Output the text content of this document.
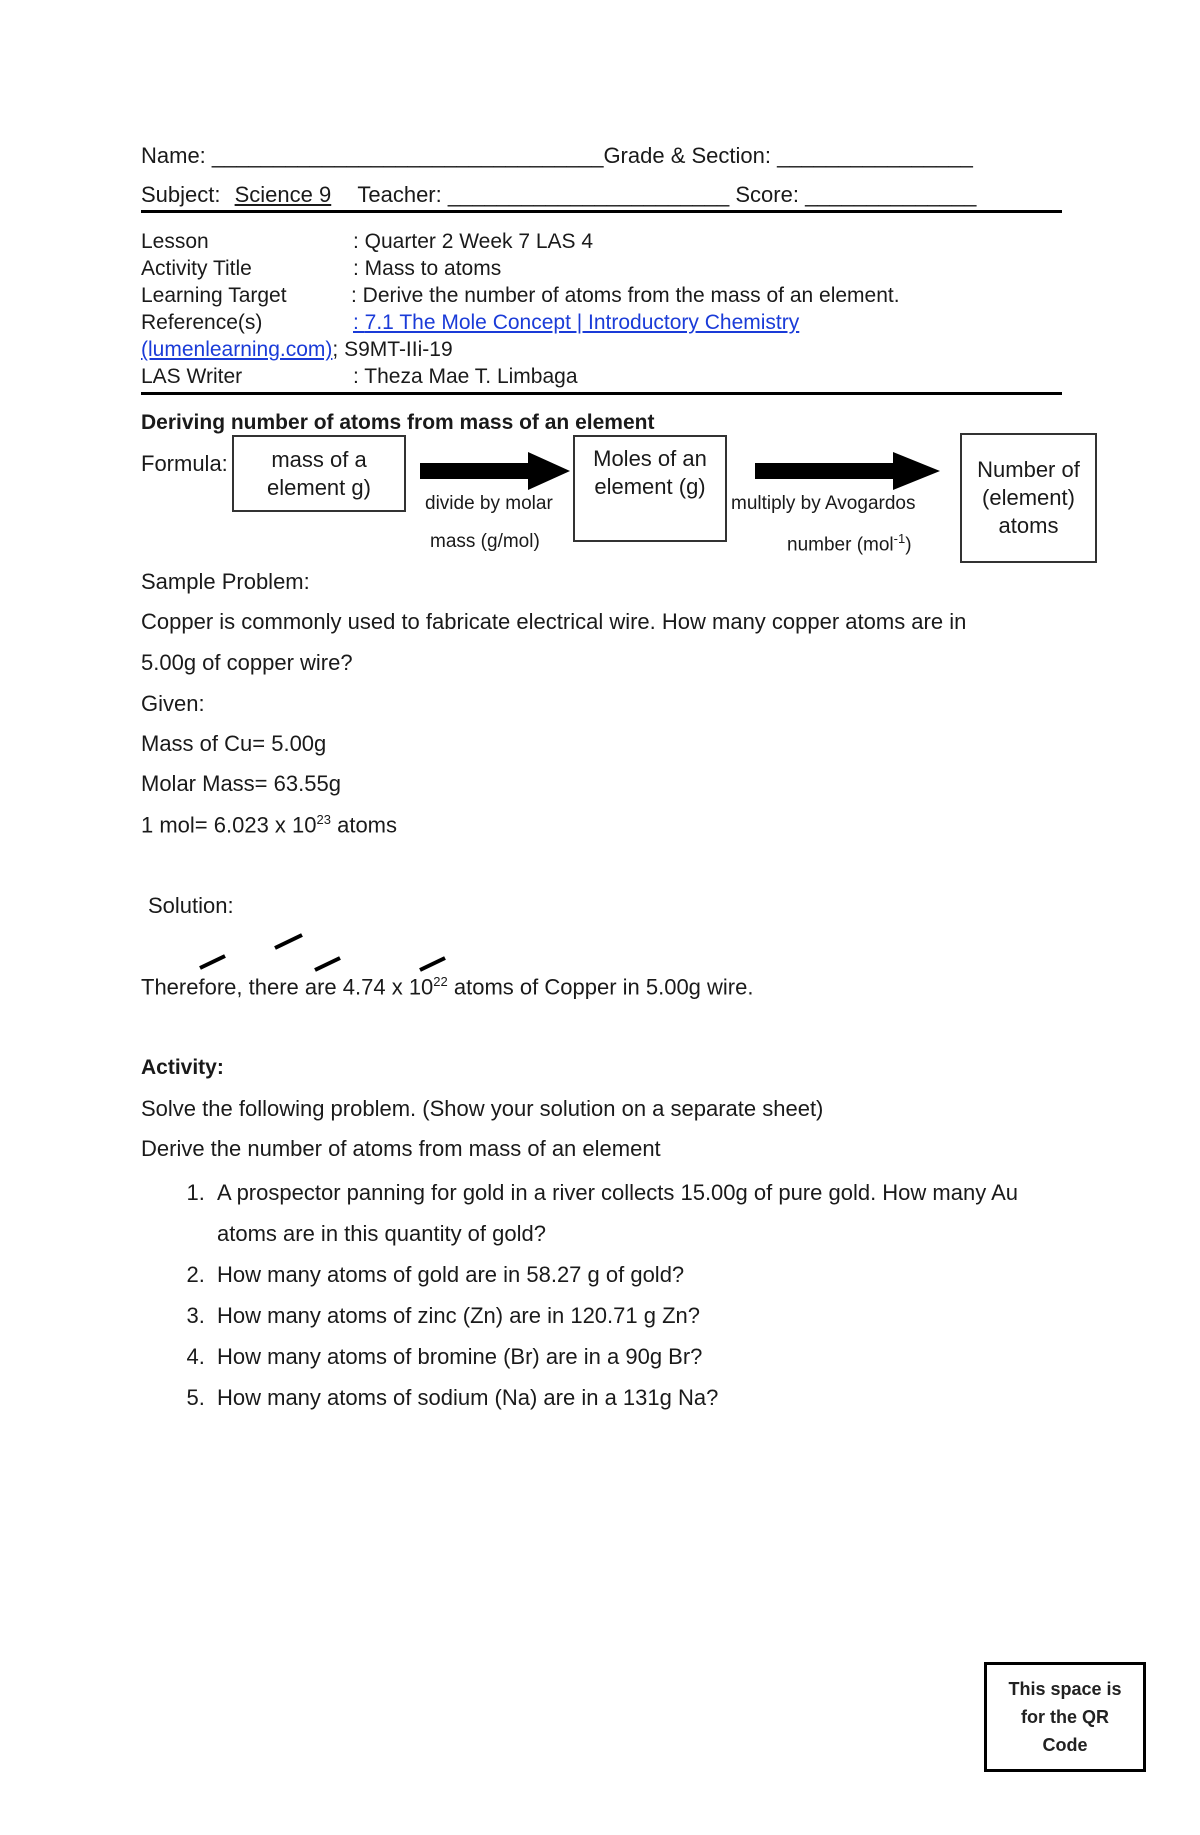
Name: ________________________________Grade & Section: ________________
Subject: Science 9 Teacher: _______________________ Score: ______________
Lesson	: Quarter 2 Week 7 LAS 4
Activity Title	: Mass to atoms
Learning Target	: Derive the number of atoms from the mass of an element.
Reference(s)	: 7.1 The Mole Concept | Introductory Chemistry
(lumenlearning.com); S9MT-IIi-19
LAS Writer	: Theza Mae T. Limbaga
Deriving number of atoms from mass of an element
Formula:	mass of a element g)
divide by molar
mass (g/mol)
Moles of an element (g)
multiply by Avogardos
number (mol$^{-1}$)
Number of (element) atoms
Sample Problem:
Copper is commonly used to fabricate electrical wire. How many copper atoms are in
5.00g of copper wire?
Given:
Mass of Cu= 5.00g
Molar Mass= 63.55g
1 mol= 6.023 x $10^{23}$ atoms
Solution:
Therefore, there are 4.74 x $10^{22}$ atoms of Copper in 5.00g wire.
Activity:
Solve the following problem. (Show your solution on a separate sheet)
Derive the number of atoms from mass of an element
1. A prospector panning for gold in a river collects 15.00g of pure gold. How many Au atoms are in this quantity of gold?
2. How many atoms of gold are in 58.27 g of gold?
3. How many atoms of zinc (Zn) are in 120.71 g Zn?
4. How many atoms of bromine (Br) are in a 90g Br?
5. How many atoms of sodium (Na) are in a 131g Na?
This space is for the QR Code
